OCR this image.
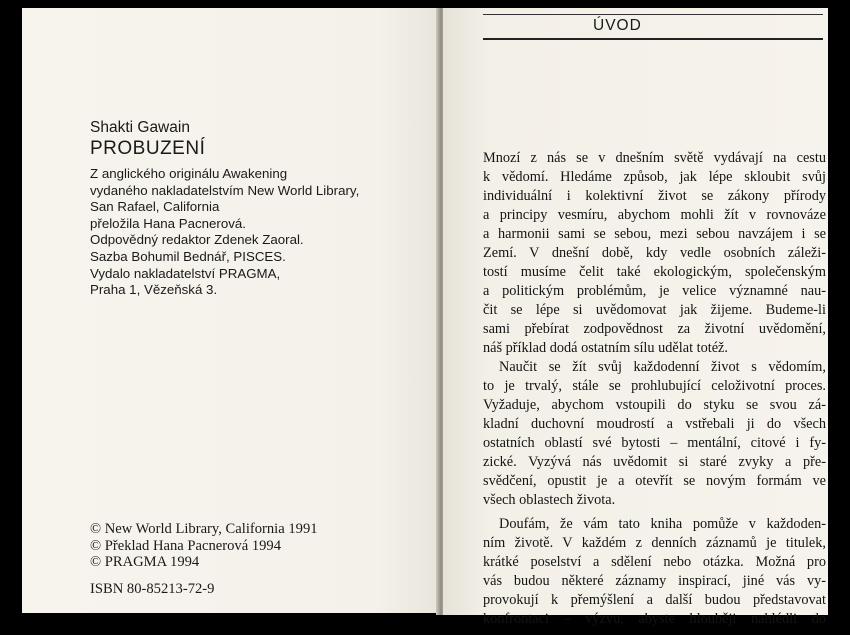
Shakti Gawain
PROBUZENÍ
Z anglického originálu Awakening
vydaného nakladatelstvím New World Library,
San Rafael, California
přeložila Hana Pacnerová.
Odpovědný redaktor Zdenek Zaoral.
Sazba Bohumil Bednář, PISCES.
Vydalo nakladatelství PRAGMA,
Praha 1, Vězeňská 3.
© New World Library, California 1991
© Překlad Hana Pacnerová 1994
© PRAGMA 1994
ISBN 80-85213-72-9
ÚVOD
Mnozí z nás se v dnešním světě vydávají na cestu
k vědomí. Hledáme způsob, jak lépe skloubit svůj
individuální i kolektivní život se zákony přírody
a principy vesmíru, abychom mohli žít v rovnováze
a harmonii sami se sebou, mezi sebou navzájem i se
Zemí. V dnešní době, kdy vedle osobních záleži-
tostí musíme čelit také ekologickým, společenským
a politickým problémům, je velice významné nau-
čit se lépe si uvědomovat jak žijeme. Budeme-li
sami přebírat zodpovědnost za životní uvědomění,
náš příklad dodá ostatním sílu udělat totéž.
Naučit se žít svůj každodenní život s vědomím,
to je trvalý, stále se prohlubující celoživotní proces.
Vyžaduje, abychom vstoupili do styku se svou zá-
kladní duchovní moudrostí a vstřebali ji do všech
ostatních oblastí své bytosti – mentální, citové i fy-
zické. Vyzývá nás uvědomit si staré zvyky a pře-
svědčení, opustit je a otevřít se novým formám ve
všech oblastech života.
Doufám, že vám tato kniha pomůže v každoden-
ním životě. V každém z denních záznamů je titulek,
krátké poselství a sdělení nebo otázka. Možná pro
vás budou některé záznamy inspirací, jiné vás vy-
provokují k přemýšlení a další budou představovat
konfrontaci – výzvu, abyste hlouběji nahlédli do
